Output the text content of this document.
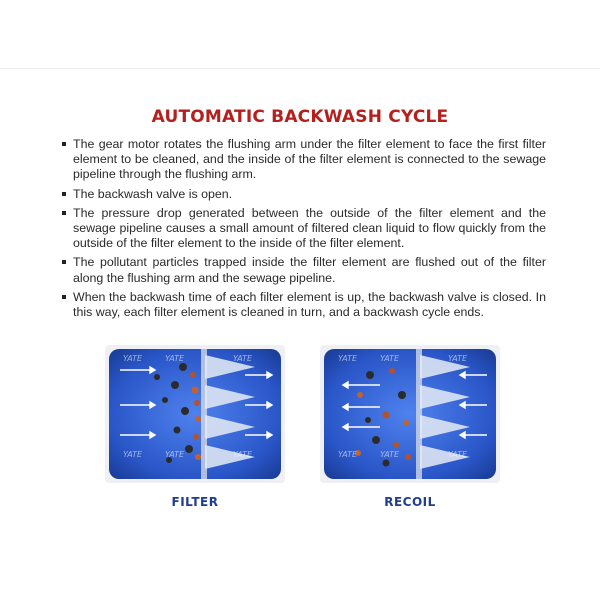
AUTOMATIC BACKWASH CYCLE
The gear motor rotates the flushing arm under the filter element to face the first filter element to be cleaned, and the inside of the filter element is connected to the sewage pipeline through the flushing arm.
The backwash valve is open.
The pressure drop generated between the outside of the filter element and the sewage pipeline causes a small amount of filtered clean liquid to flow quickly from the outside of the filter element to the inside of the filter element.
The pollutant particles trapped inside the filter element are flushed out of the filter along the flushing arm and the sewage pipeline.
When the backwash time of each filter element is up, the backwash valve is closed. In this way, each filter element is cleaned in turn, and a backwash cycle ends.
YATE	YATE	YATE
YATE	YATE	YATE
YATE	YATE	YATE
YATE	YATE	YATE
FILTER	RECOIL
